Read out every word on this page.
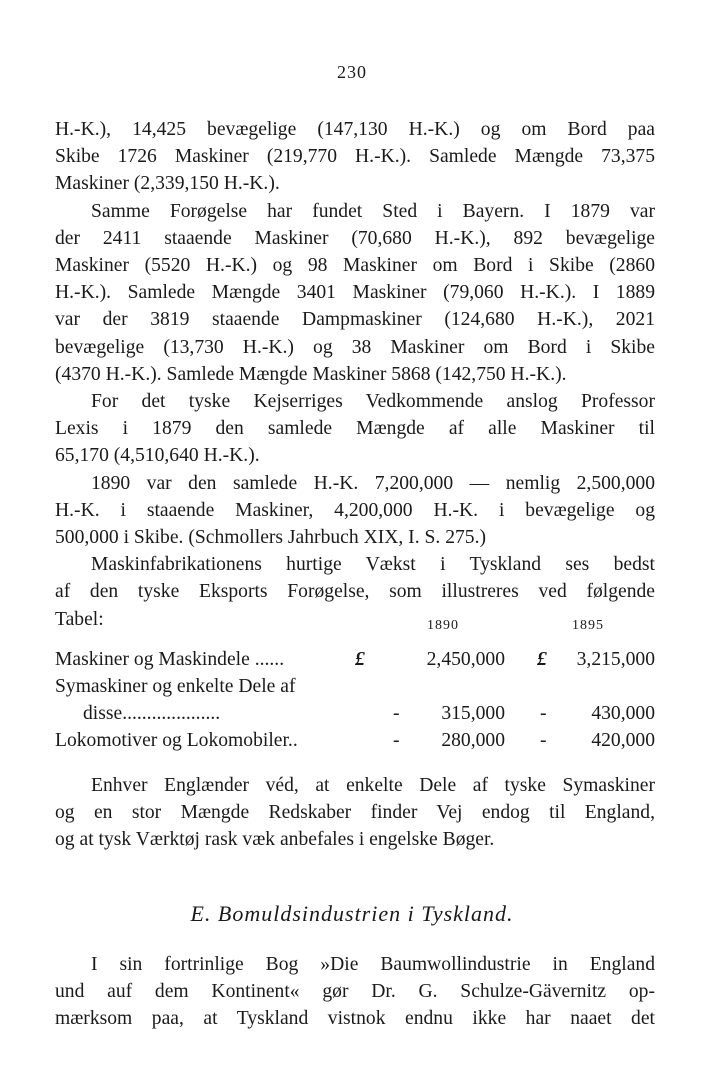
230

H.-K.), 14,425 bevægelige (147,130 H.-K.) og om Bord paa

Skibe 1726 Maskiner (219,770 H.-K.). Samlede Mængde 73,375

Maskiner (2,339,150 H.-K.).

Samme Forøgelse har fundet Sted i Bayern. I 1879 var

der 2411 staaende Maskiner (70,680 H.-K.), 892 bevægelige

Maskiner (5520 H.-K.) og 98 Maskiner om Bord i Skibe (2860

H.-K.). Samlede Mængde 3401 Maskiner (79,060 H.-K.). I 1889

var der 3819 staaende Dampmaskiner (124,680 H.-K.), 2021

bevægelige (13,730 H.-K.) og 38 Maskiner om Bord i Skibe

(4370 H.-K.). Samlede Mængde Maskiner 5868 (142,750 H.-K.).

For det tyske Kejserriges Vedkommende anslog Professor

Lexis i 1879 den samlede Mængde af alle Maskiner til

65,170 (4,510,640 H.-K.).

1890 var den samlede H.-K. 7,200,000 — nemlig 2,500,000

H.-K. i staaende Maskiner, 4,200,000 H.-K. i bevægelige og

500,000 i Skibe. (Schmollers Jahrbuch XIX, I. S. 275.)

Maskinfabrikationens hurtige Vækst i Tyskland ses bedst

af den tyske Eksports Forøgelse, som illustreres ved følgende

Tabel:	1890	1895
Maskiner og Maskindele ......	£	2,450,000 £	3,215,000
Symaskiner og enkelte Dele af
disse....................	-	315,000 -	430,000
Lokomotiver og Lokomobiler..	-	280,000 -	420,000

Enhver Englænder véd, at enkelte Dele af tyske Symaskiner

og en stor Mængde Redskaber finder Vej endog til England,

og at tysk Værktøj rask væk anbefales i engelske Bøger.

E. Bomuldsindustrien i Tyskland.

I sin fortrinlige Bog »Die Baumwollindustrie in England

und auf dem Kontinent« gør Dr. G. Schulze-Gävernitz op-

mærksom paa, at Tyskland vistnok endnu ikke har naaet det
